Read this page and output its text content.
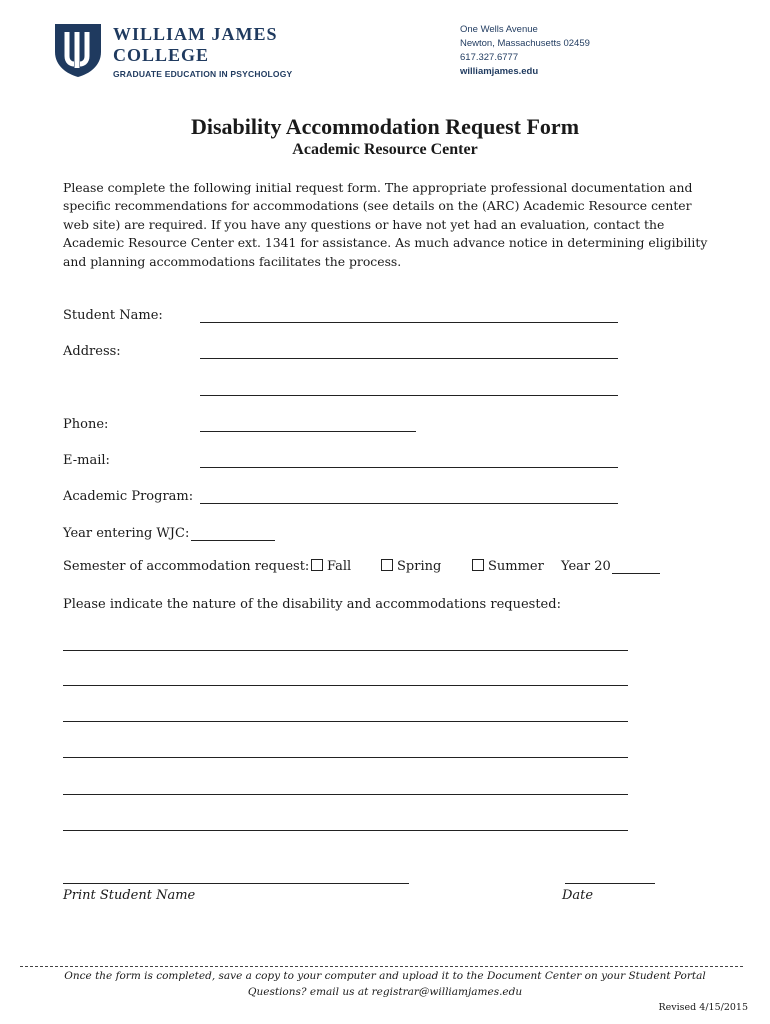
WILLIAM JAMES
COLLEGE
GRADUATE EDUCATION IN PSYCHOLOGY
One Wells Avenue
Newton, Massachusetts 02459
617.327.6777
williamjames.edu
Disability Accommodation Request Form
Academic Resource Center
Please complete the following initial request form. The appropriate professional documentation and
specific recommendations for accommodations (see details on the (ARC) Academic Resource center
web site) are required. If you have any questions or have not yet had an evaluation, contact the
Academic Resource Center ext. 1341 for assistance. As much advance notice in determining eligibility
and planning accommodations facilitates the process.
Student Name:
Address:
Phone:
E-mail:
Academic Program:
Year entering WJC:
Semester of accommodation request:	Fall	Spring	Summer Year 20
Please indicate the nature of the disability and accommodations requested:
Print Student Name	Date
Once the form is completed, save a copy to your computer and upload it to the Document Center on your Student Portal
Questions? email us at registrar@williamjames.edu
Revised 4/15/2015
